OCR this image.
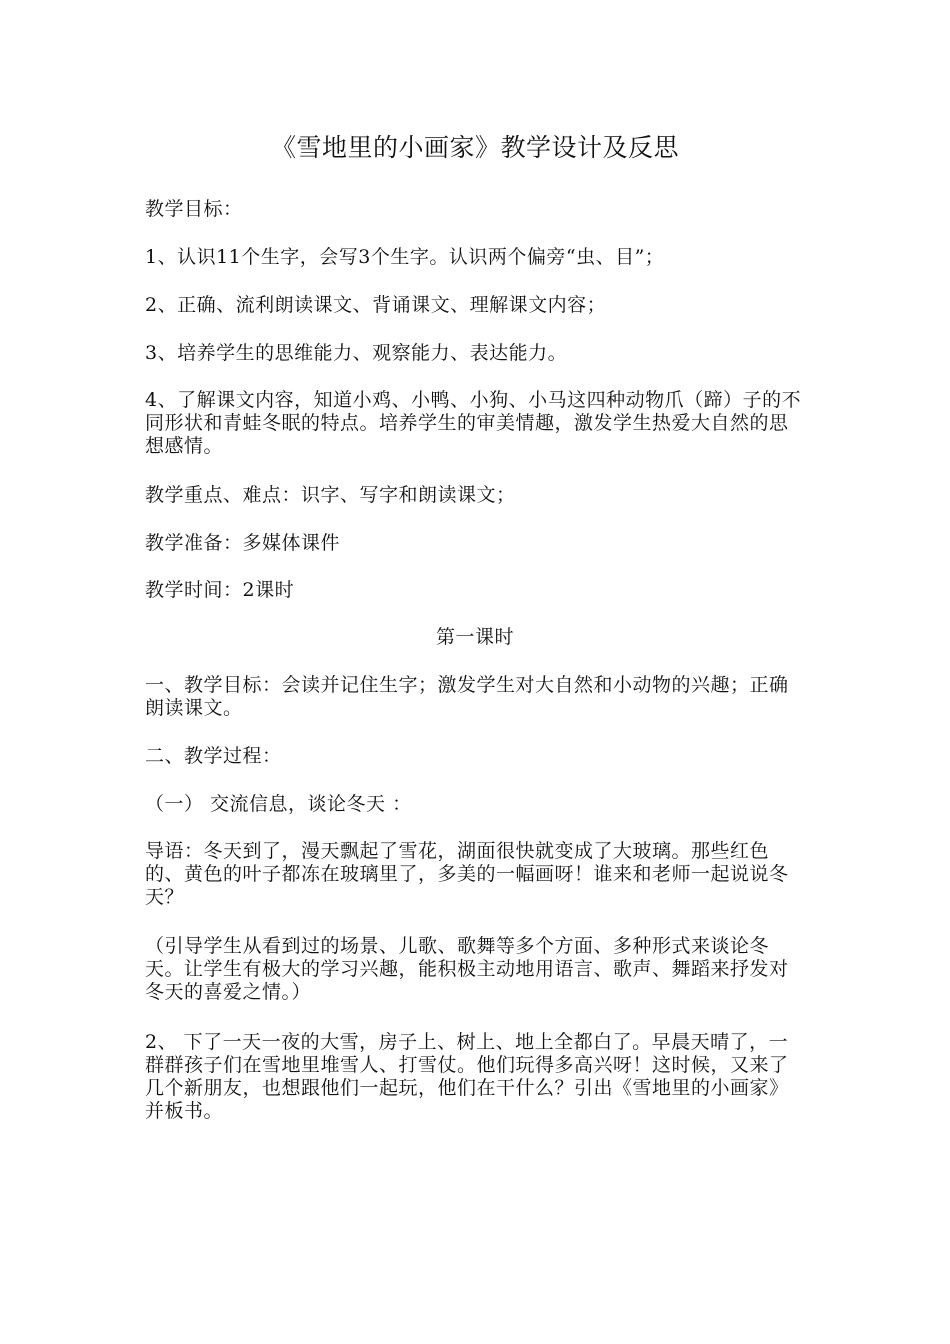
《雪地里的小画家》教学设计及反思
教学目标：
1、认识11个生字，会写3个生字。认识两个偏旁“虫、目”；
2、正确、流利朗读课文、背诵课文、理解课文内容；
3、培养学生的思维能力、观察能力、表达能力。
4、了解课文内容，知道小鸡、小鸭、小狗、小马这四种动物爪（蹄）子的不同形状和青蛙冬眠的特点。培养学生的审美情趣，激发学生热爱大自然的思想感情。
教学重点、难点：识字、写字和朗读课文；
教学准备：多媒体课件
教学时间：2课时
第一课时
一、教学目标：会读并记住生字；激发学生对大自然和小动物的兴趣；正确朗读课文。
二、教学过程：
（一） 交流信息，谈论冬天 ：
导语：冬天到了，漫天飘起了雪花，湖面很快就变成了大玻璃。那些红色的、黄色的叶子都冻在玻璃里了，多美的一幅画呀！谁来和老师一起说说冬天？
（引导学生从看到过的场景、儿歌、歌舞等多个方面、多种形式来谈论冬天。让学生有极大的学习兴趣，能积极主动地用语言、歌声、舞蹈来抒发对冬天的喜爱之情。）
2、 下了一天一夜的大雪，房子上、树上、地上全都白了。早晨天晴了，一群群孩子们在雪地里堆雪人、打雪仗。他们玩得多高兴呀！这时候，又来了几个新朋友，也想跟他们一起玩，他们在干什么？引出《雪地里的小画家》并板书。
